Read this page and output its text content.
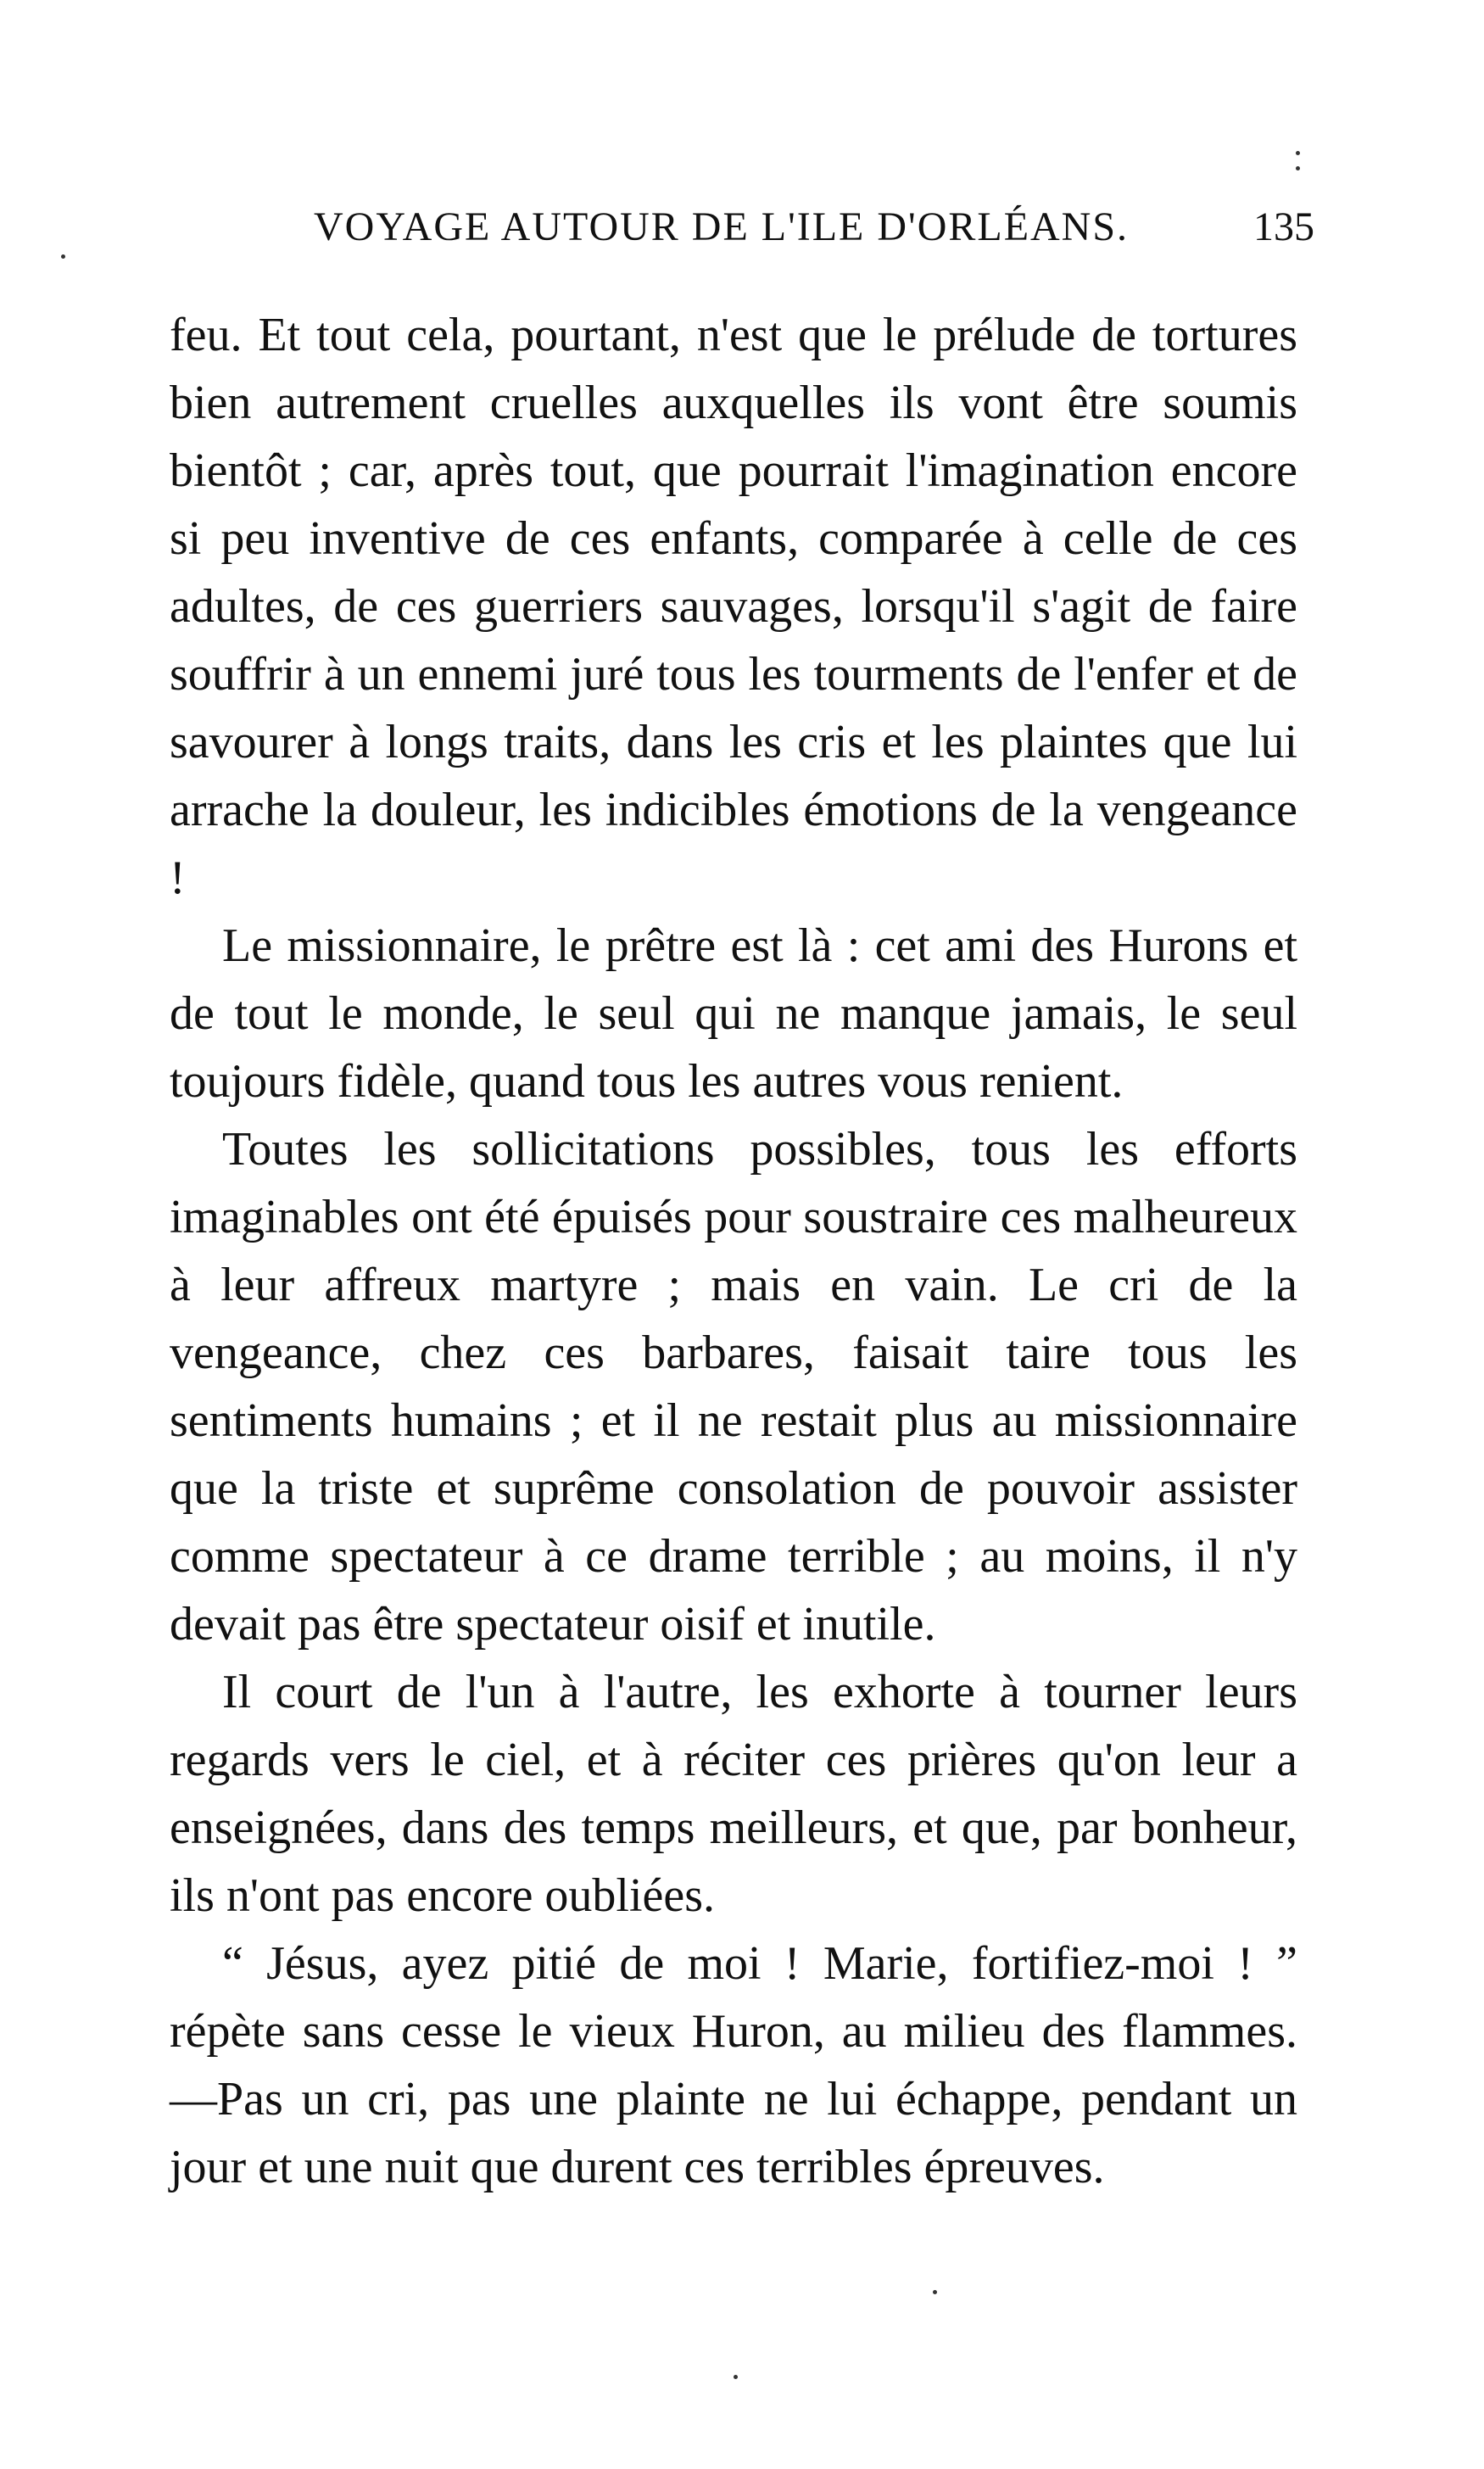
VOYAGE AUTOUR DE L'ILE D'ORLÉANS.	135

feu. Et tout cela, pourtant, n'est que le prélude de tortures bien autrement cruelles auxquelles ils vont être soumis bientôt ; car, après tout, que pourrait l'imagination encore si peu inventive de ces enfants, comparée à celle de ces adultes, de ces guerriers sauvages, lorsqu'il s'agit de faire souffrir à un ennemi juré tous les tourments de l'enfer et de savourer à longs traits, dans les cris et les plaintes que lui arrache la douleur, les indicibles émotions de la vengeance !

Le missionnaire, le prêtre est là : cet ami des Hurons et de tout le monde, le seul qui ne manque jamais, le seul toujours fidèle, quand tous les autres vous renient.

Toutes les sollicitations possibles, tous les efforts imaginables ont été épuisés pour soustraire ces malheureux à leur affreux martyre ; mais en vain. Le cri de la vengeance, chez ces barbares, faisait taire tous les sentiments humains ; et il ne restait plus au missionnaire que la triste et suprême consolation de pouvoir assister comme spectateur à ce drame terrible ; au moins, il n'y devait pas être spectateur oisif et inutile.

Il court de l'un à l'autre, les exhorte à tourner leurs regards vers le ciel, et à réciter ces prières qu'on leur a enseignées, dans des temps meilleurs, et que, par bonheur, ils n'ont pas encore oubliées.

“ Jésus, ayez pitié de moi ! Marie, fortifiez-moi ! ” répète sans cesse le vieux Huron, au milieu des flammes.—Pas un cri, pas une plainte ne lui échappe, pendant un jour et une nuit que durent ces terribles épreuves.
